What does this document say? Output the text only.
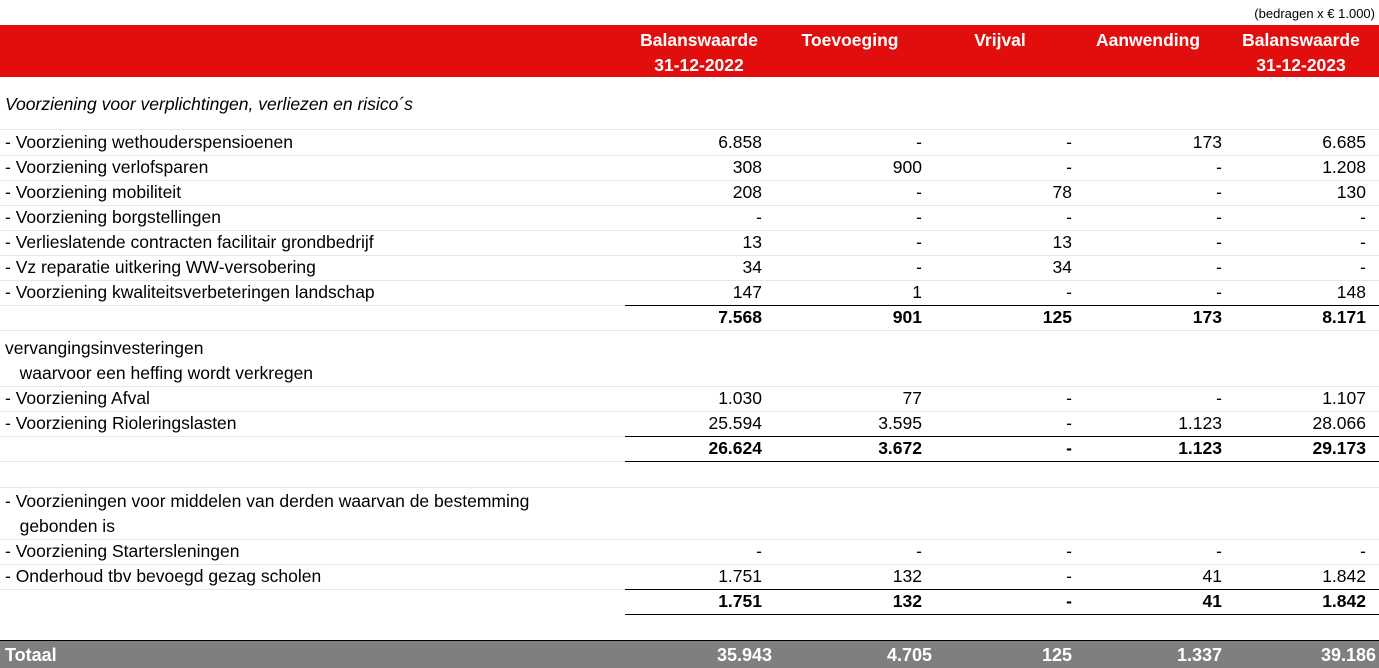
(bedragen x € 1.000)
Balanswaarde
31-12-2022
Toevoeging	Vrijval	Aanwending	Balanswaarde
31-12-2023
Voorziening voor verplichtingen, verliezen en risico´s
- Voorziening wethouderspensioenen	6.858	-	-	173	6.685
- Voorziening verlofsparen	308	900	-	-	1.208
- Voorziening mobiliteit	208	-	78	-	130
- Voorziening borgstellingen	-	-	-	-	-
- Verlieslatende contracten facilitair grondbedrijf	13	-	13	-	-
- Vz reparatie uitkering WW-versobering	34	-	34	-	-
- Voorziening kwaliteitsverbeteringen landschap	147	1	-	-	148
7.568	901	125	173	8.171
vervangingsinvesteringen
waarvoor een heffing wordt verkregen
- Voorziening Afval	1.030	77	-	-	1.107
- Voorziening Rioleringslasten	25.594	3.595	-	1.123	28.066
26.624	3.672	-	1.123	29.173
- Voorzieningen voor middelen van derden waarvan de bestemming
gebonden is
- Voorziening Startersleningen	-	-	-	-	-
- Onderhoud tbv bevoegd gezag scholen	1.751	132	-	41	1.842
1.751	132	-	41	1.842
Totaal	35.943	4.705	125	1.337	39.186
